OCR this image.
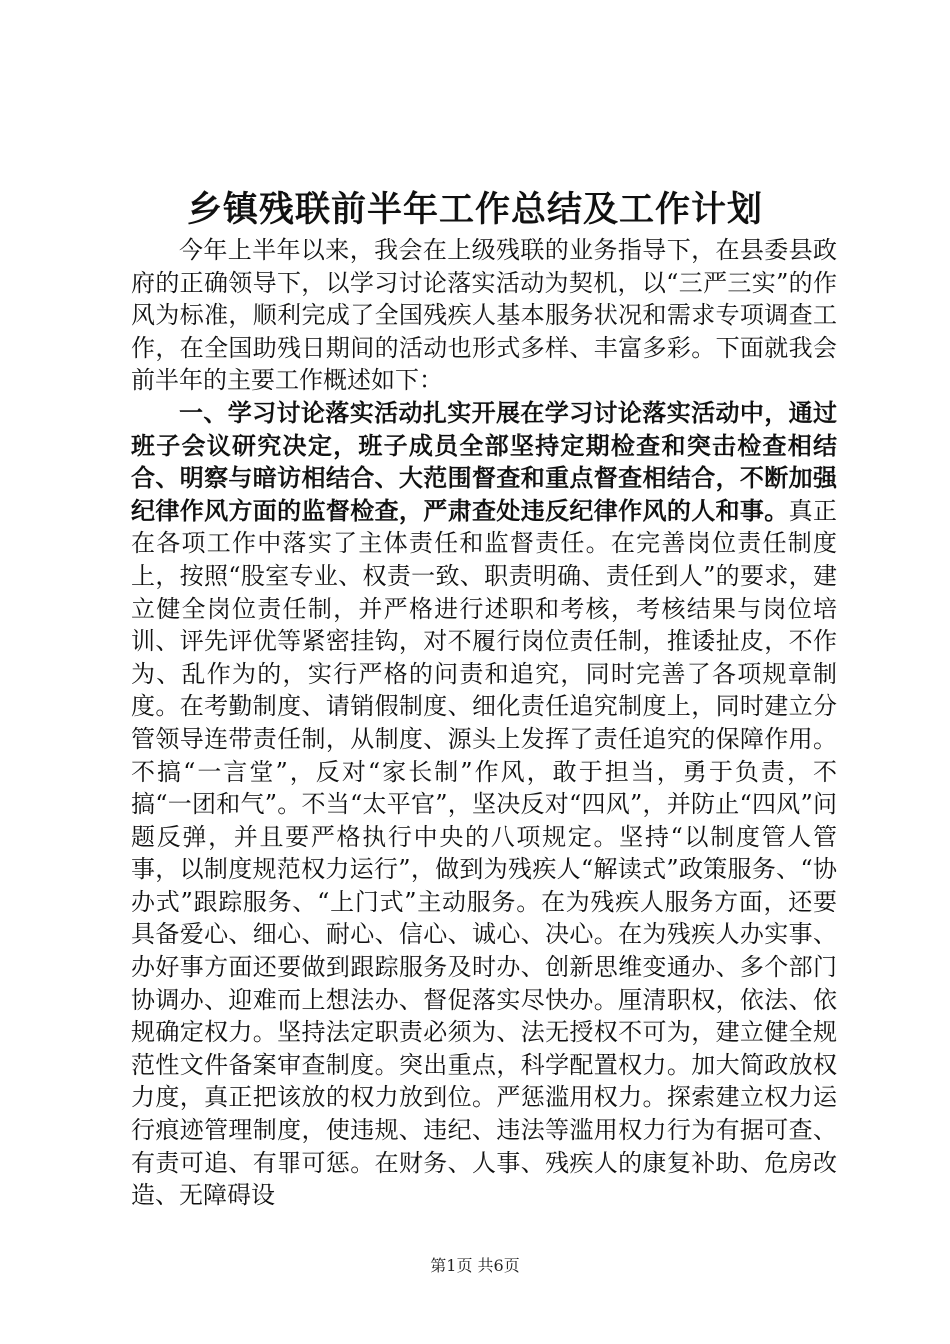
乡镇残联前半年工作总结及工作计划

今年上半年以来，我会在上级残联的业务指导下，在县委县政府的正确领导下，以学习讨论落实活动为契机，以“三严三实”的作风为标准，顺利完成了全国残疾人基本服务状况和需求专项调查工作，在全国助残日期间的活动也形式多样、丰富多彩。下面就我会前半年的主要工作概述如下：

一、学习讨论落实活动扎实开展在学习讨论落实活动中，通过班子会议研究决定，班子成员全部坚持定期检查和突击检查相结合、明察与暗访相结合、大范围督查和重点督查相结合，不断加强纪律作风方面的监督检查，严肃查处违反纪律作风的人和事。真正在各项工作中落实了主体责任和监督责任。在完善岗位责任制度上，按照“股室专业、权责一致、职责明确、责任到人”的要求，建立健全岗位责任制，并严格进行述职和考核，考核结果与岗位培训、评先评优等紧密挂钩，对不履行岗位责任制，推诿扯皮，不作为、乱作为的，实行严格的问责和追究，同时完善了各项规章制度。在考勤制度、请销假制度、细化责任追究制度上，同时建立分管领导连带责任制，从制度、源头上发挥了责任追究的保障作用。不搞“一言堂”，反对“家长制”作风，敢于担当，勇于负责，不搞“一团和气”。不当“太平官”，坚决反对“四风”，并防止“四风”问题反弹，并且要严格执行中央的八项规定。坚持“以制度管人管事，以制度规范权力运行”，做到为残疾人“解读式”政策服务、“协办式”跟踪服务、“上门式”主动服务。在为残疾人服务方面，还要具备爱心、细心、耐心、信心、诚心、决心。在为残疾人办实事、办好事方面还要做到跟踪服务及时办、创新思维变通办、多个部门协调办、迎难而上想法办、督促落实尽快办。厘清职权，依法、依规确定权力。坚持法定职责必须为、法无授权不可为，建立健全规范性文件备案审查制度。突出重点，科学配置权力。加大简政放权力度，真正把该放的权力放到位。严惩滥用权力。探索建立权力运行痕迹管理制度，使违规、违纪、违法等滥用权力行为有据可查、有责可追、有罪可惩。在财务、人事、残疾人的康复补助、危房改造、无障碍设

第1页 共6页
